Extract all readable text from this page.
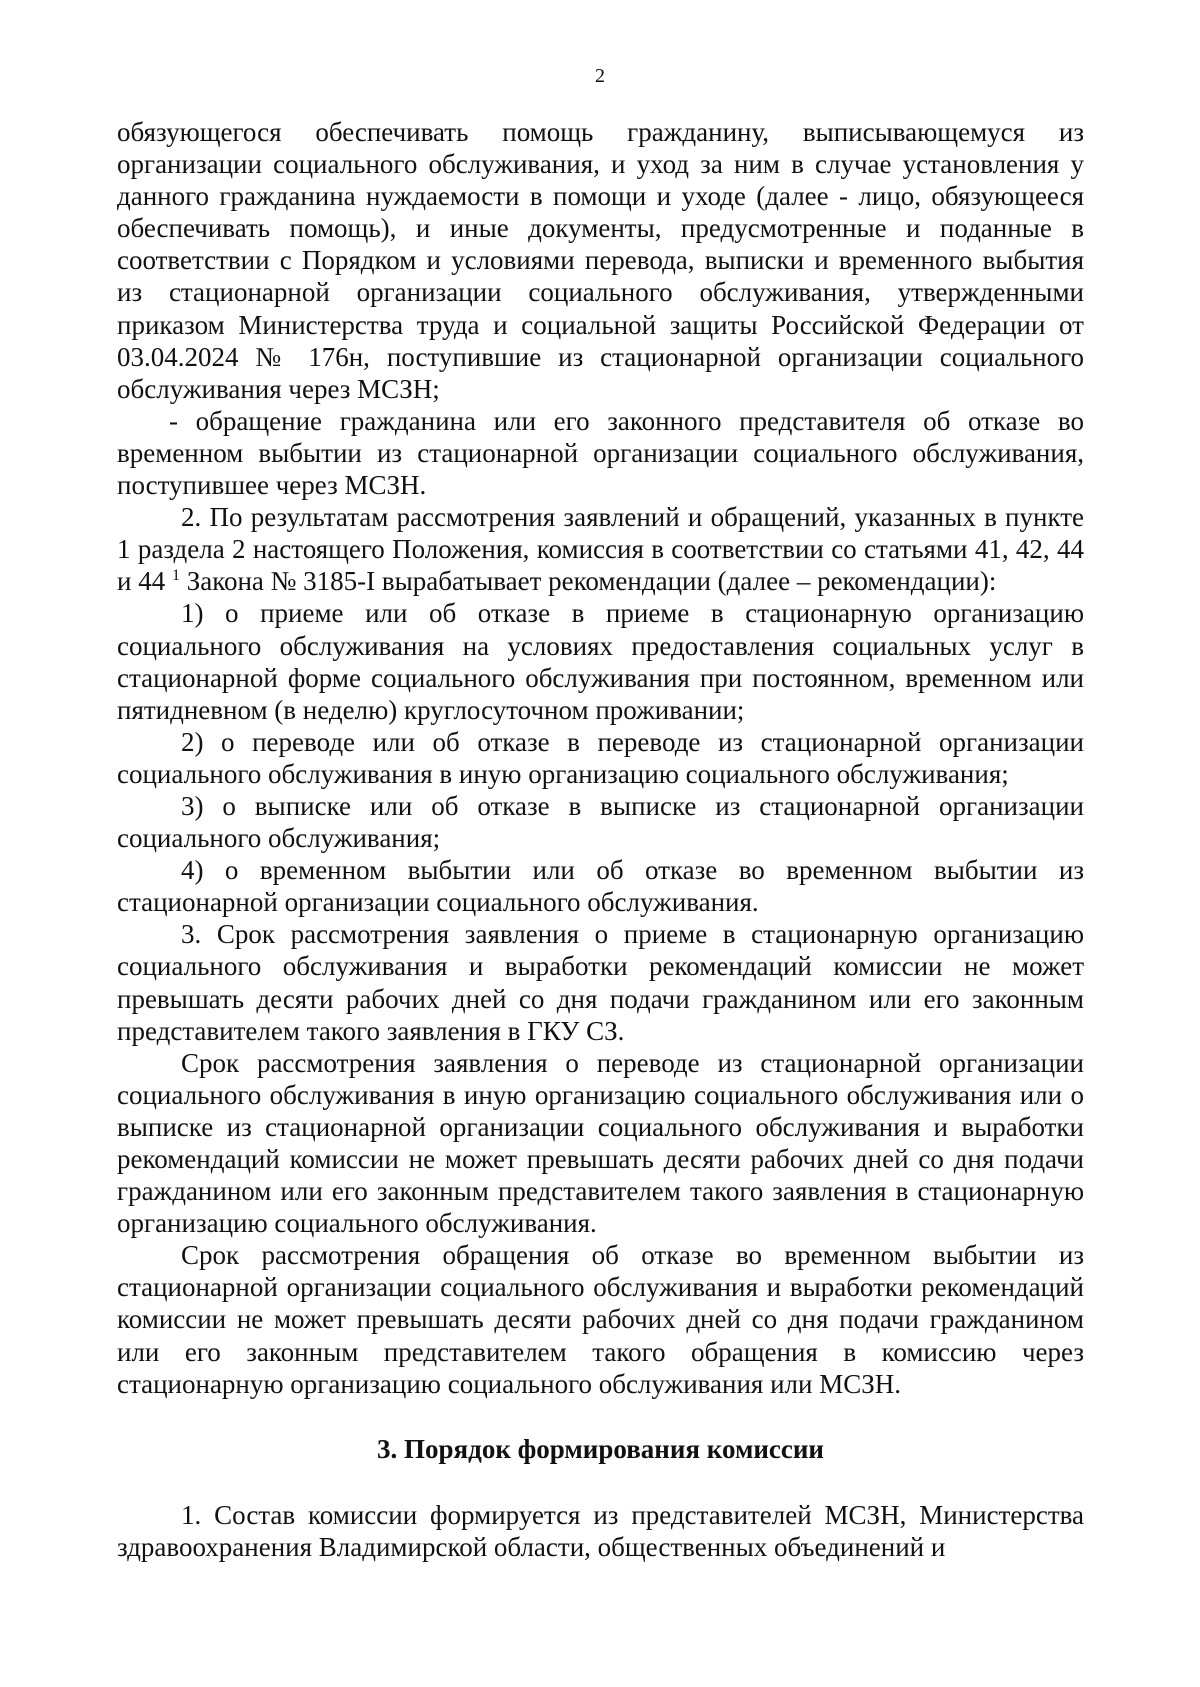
2

обязующегося обеспечивать помощь гражданину, выписывающемуся из организации социального обслуживания, и уход за ним в случае установления у данного гражданина нуждаемости в помощи и уходе (далее - лицо, обязующееся обеспечивать помощь), и иные документы, предусмотренные и поданные в соответствии с Порядком и условиями перевода, выписки и временного выбытия из стационарной организации социального обслуживания, утвержденными приказом Министерства труда и социальной защиты Российской Федерации от 03.04.2024 № 176н, поступившие из стационарной организации социального обслуживания через МСЗН;

- обращение гражданина или его законного представителя об отказе во временном выбытии из стационарной организации социального обслуживания, поступившее через МСЗН.

2. По результатам рассмотрения заявлений и обращений, указанных в пункте 1 раздела 2 настоящего Положения, комиссия в соответствии со статьями 41, 42, 44 и 44 $^1$ Закона № 3185-I вырабатывает рекомендации (далее – рекомендации):

1) о приеме или об отказе в приеме в стационарную организацию социального обслуживания на условиях предоставления социальных услуг в стационарной форме социального обслуживания при постоянном, временном или пятидневном (в неделю) круглосуточном проживании;

2) о переводе или об отказе в переводе из стационарной организации социального обслуживания в иную организацию социального обслуживания;

3) о выписке или об отказе в выписке из стационарной организации социального обслуживания;

4) о временном выбытии или об отказе во временном выбытии из стационарной организации социального обслуживания.

3. Срок рассмотрения заявления о приеме в стационарную организацию социального обслуживания и выработки рекомендаций комиссии не может превышать десяти рабочих дней со дня подачи гражданином или его законным представителем такого заявления в ГКУ СЗ.

Срок рассмотрения заявления о переводе из стационарной организации социального обслуживания в иную организацию социального обслуживания или о выписке из стационарной организации социального обслуживания и выработки рекомендаций комиссии не может превышать десяти рабочих дней со дня подачи гражданином или его законным представителем такого заявления в стационарную организацию социального обслуживания.

Срок рассмотрения обращения об отказе во временном выбытии из стационарной организации социального обслуживания и выработки рекомендаций комиссии не может превышать десяти рабочих дней со дня подачи гражданином или его законным представителем такого обращения в комиссию через стационарную организацию социального обслуживания или МСЗН.

3. Порядок формирования комиссии

1. Состав комиссии формируется из представителей МСЗН, Министерства здравоохранения Владимирской области, общественных объединений и
